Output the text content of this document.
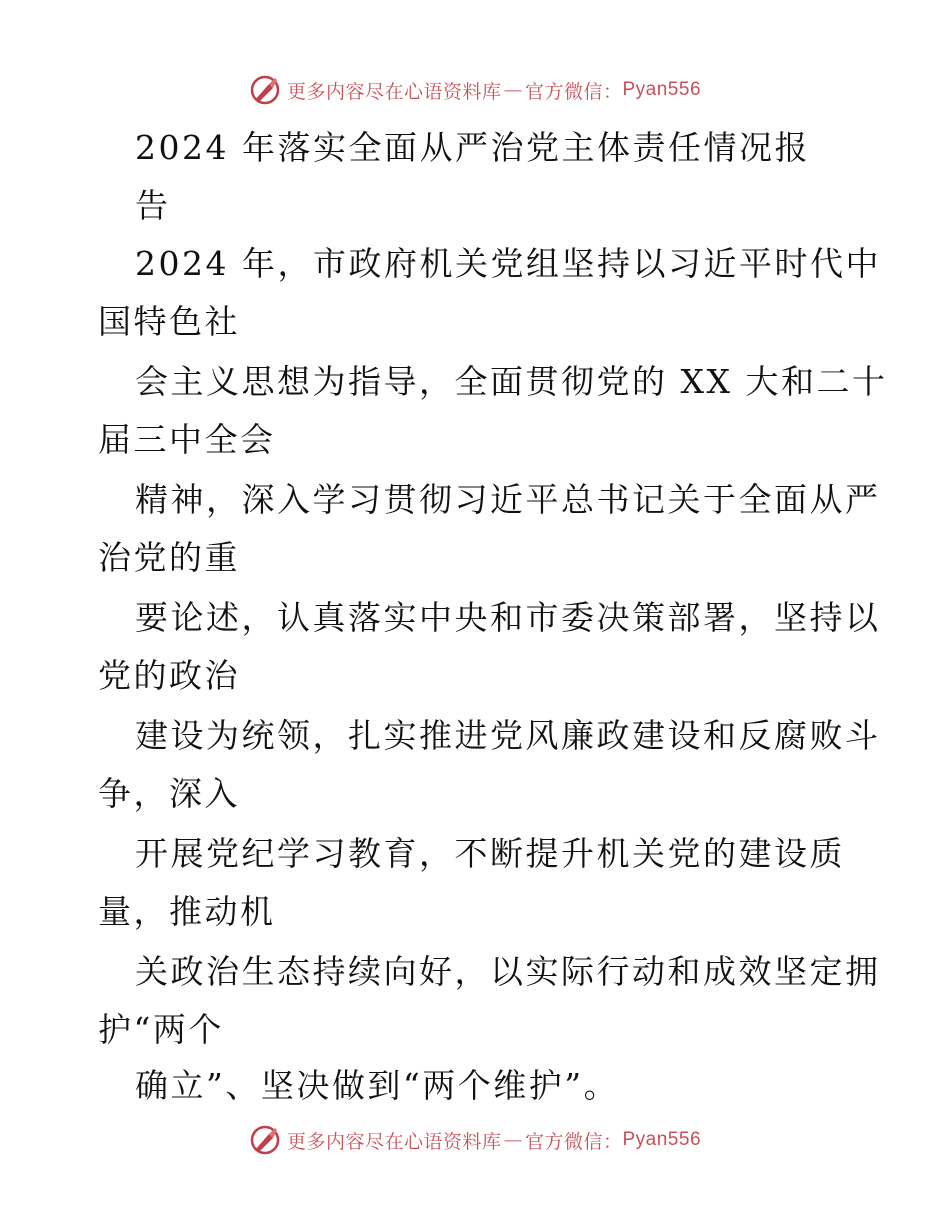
更多内容尽在心语资料库 — 官方微信： Pyan556
2024 年落实全面从严治党主体责任情况报
告
2024 年，市政府机关党组坚持以习近平时代中
国特色社
会主义思想为指导，全面贯彻党的 XX 大和二十
届三中全会
精神，深入学习贯彻习近平总书记关于全面从严
治党的重
要论述，认真落实中央和市委决策部署，坚持以
党的政治
建设为统领，扎实推进党风廉政建设和反腐败斗
争，深入
开展党纪学习教育，不断提升机关党的建设质
量，推动机
关政治生态持续向好，以实际行动和成效坚定拥
护“两个
确立”、坚决做到“两个维护”。
更多内容尽在心语资料库 — 官方微信： Pyan556
